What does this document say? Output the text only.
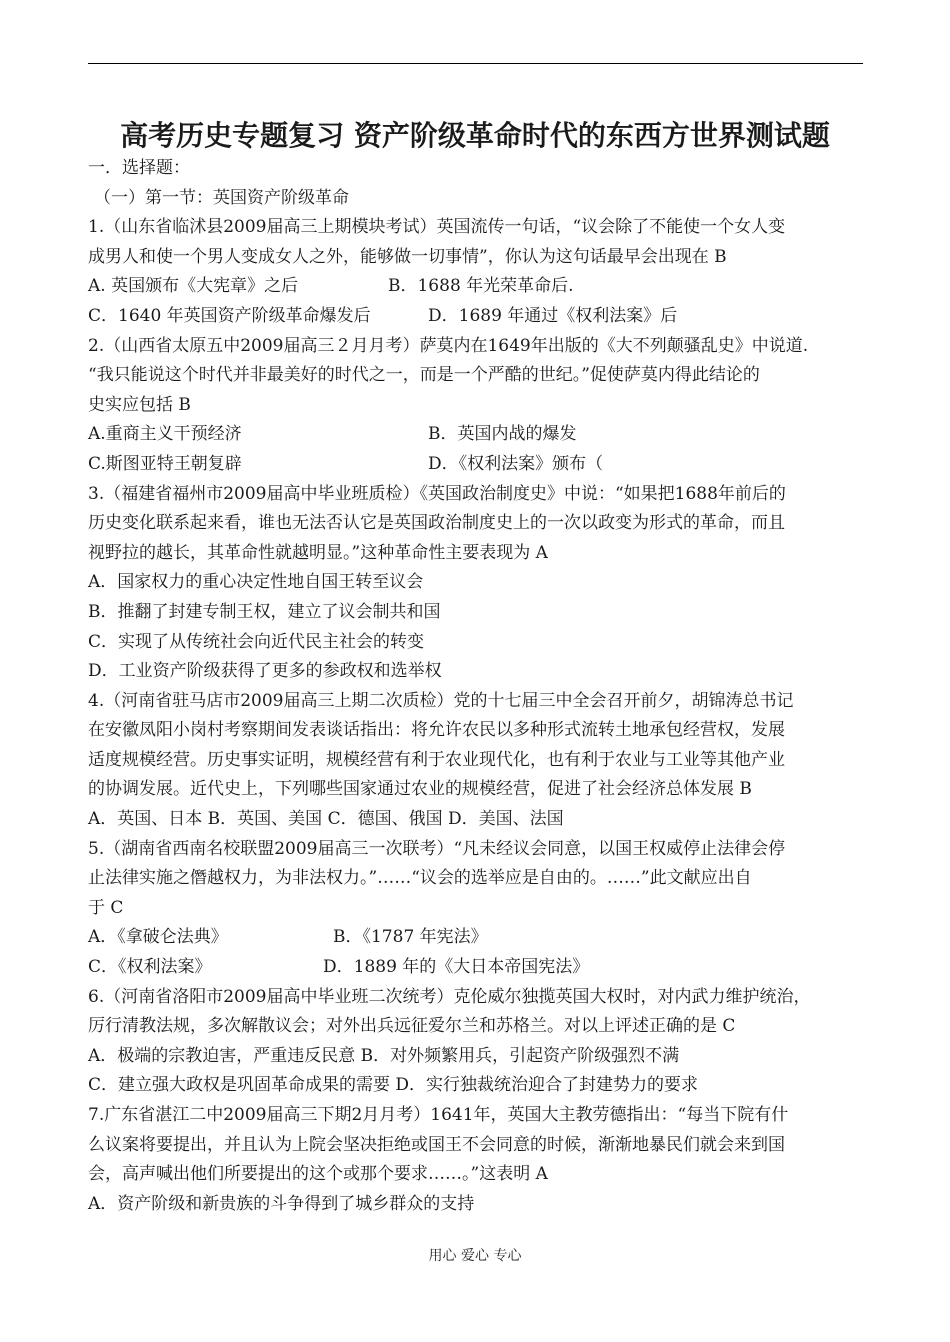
高考历史专题复习 资产阶级革命时代的东西方世界测试题
一．选择题：
（一）第一节：英国资产阶级革命
1.（山东省临沭县2009届高三上期模块考试）英国流传一句话，“议会除了不能使一个女人变
成男人和使一个男人变成女人之外，能够做一切事情”，你认为这句话最早会出现在 B
A. 英国颁布《大宪章》之后	B．1688 年光荣革命后.
C．1640 年英国资产阶级革命爆发后	D．1689 年通过《权利法案》后
2.（山西省太原五中2009届高三２月月考）萨莫内在1649年出版的《大不列颠骚乱史》中说道.
“我只能说这个时代并非最美好的时代之一，而是一个严酷的世纪。”促使萨莫内得此结论的
史实应包括 B
A.重商主义干预经济	B．英国内战的爆发
C.斯图亚特王朝复辟	D．《权利法案》颁布（
3.（福建省福州市2009届高中毕业班质检）《英国政治制度史》中说：“如果把1688年前后的
历史变化联系起来看，谁也无法否认它是英国政治制度史上的一次以政变为形式的革命，而且
视野拉的越长，其革命性就越明显。”这种革命性主要表现为 A
A．国家权力的重心决定性地自国王转至议会
B．推翻了封建专制王权，建立了议会制共和国
C．实现了从传统社会向近代民主社会的转变
D．工业资产阶级获得了更多的参政权和选举权
4.（河南省驻马店市2009届高三上期二次质检）党的十七届三中全会召开前夕，胡锦涛总书记
在安徽凤阳小岗村考察期间发表谈话指出：将允许农民以多种形式流转土地承包经营权，发展
适度规模经营。历史事实证明，规模经营有利于农业现代化，也有利于农业与工业等其他产业
的协调发展。近代史上，下列哪些国家通过农业的规模经营，促进了社会经济总体发展 B
A．英国、日本 B．英国、美国 C．德国、俄国 D．美国、法国
5.（湖南省西南名校联盟2009届高三一次联考）“凡未经议会同意，以国王权威停止法律会停
止法律实施之僭越权力，为非法权力。”……“议会的选举应是自由的。……”此文献应出自
于 C
A．《拿破仑法典》	B．《1787 年宪法》
C．《权利法案》	D．1889 年的《大日本帝国宪法》
6.（河南省洛阳市2009届高中毕业班二次统考）克伦威尔独揽英国大权时，对内武力维护统治，
厉行清教法规，多次解散议会；对外出兵远征爱尔兰和苏格兰。对以上评述正确的是 C
A．极端的宗教迫害，严重违反民意 B．对外频繁用兵，引起资产阶级强烈不满
C．建立强大政权是巩固革命成果的需要 D．实行独裁统治迎合了封建势力的要求
7.广东省湛江二中2009届高三下期2月月考）1641年，英国大主教劳德指出：“每当下院有什
么议案将要提出，并且认为上院会坚决拒绝或国王不会同意的时候，渐渐地暴民们就会来到国
会，高声喊出他们所要提出的这个或那个要求……。”这表明 A
A．资产阶级和新贵族的斗争得到了城乡群众的支持
用心 爱心 专心
